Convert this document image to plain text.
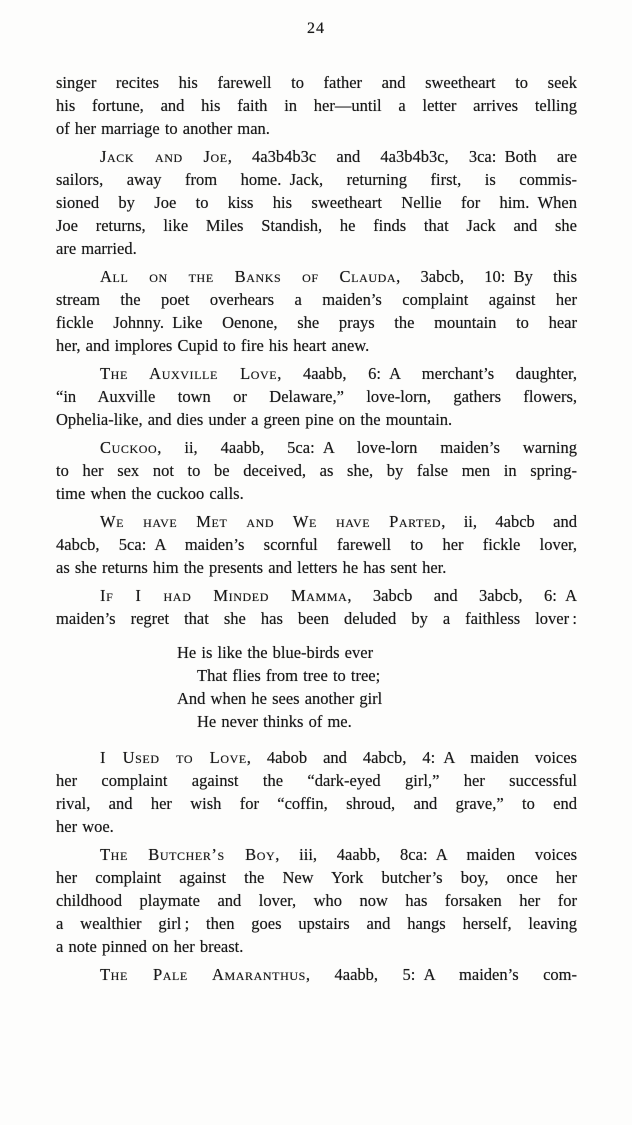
24
singer recites his farewell to father and sweetheart to seek
his fortune, and his faith in her—until a letter arrives telling
of her marriage to another man.
Jack and Joe, 4a3b4b3c and 4a3b4b3c, 3ca: Both are
sailors, away from home. Jack, returning first, is commis-
sioned by Joe to kiss his sweetheart Nellie for him. When
Joe returns, like Miles Standish, he finds that Jack and she
are married.
All on the Banks of Clauda, 3abcb, 10: By this
stream the poet overhears a maiden’s complaint against her
fickle Johnny. Like Oenone, she prays the mountain to hear
her, and implores Cupid to fire his heart anew.
The Auxville Love, 4aabb, 6: A merchant’s daughter,
“in Auxville town or Delaware,” love-lorn, gathers flowers,
Ophelia-like, and dies under a green pine on the mountain.
Cuckoo, ii, 4aabb, 5ca: A love-lorn maiden’s warning
to her sex not to be deceived, as she, by false men in spring-
time when the cuckoo calls.
We have Met and We have Parted, ii, 4abcb and
4abcb, 5ca: A maiden’s scornful farewell to her fickle lover,
as she returns him the presents and letters he has sent her.
If I had Minded Mamma, 3abcb and 3abcb, 6: A
maiden’s regret that she has been deluded by a faithless lover :
He is like the blue-birds ever
That flies from tree to tree;
And when he sees another girl
He never thinks of me.
I Used to Love, 4abob and 4abcb, 4: A maiden voices
her complaint against the “dark-eyed girl,” her successful
rival, and her wish for “coffin, shroud, and grave,” to end
her woe.
The Butcher’s Boy, iii, 4aabb, 8ca: A maiden voices
her complaint against the New York butcher’s boy, once her
childhood playmate and lover, who now has forsaken her for
a wealthier girl ; then goes upstairs and hangs herself, leaving
a note pinned on her breast.
The Pale Amaranthus, 4aabb, 5: A maiden’s com-
